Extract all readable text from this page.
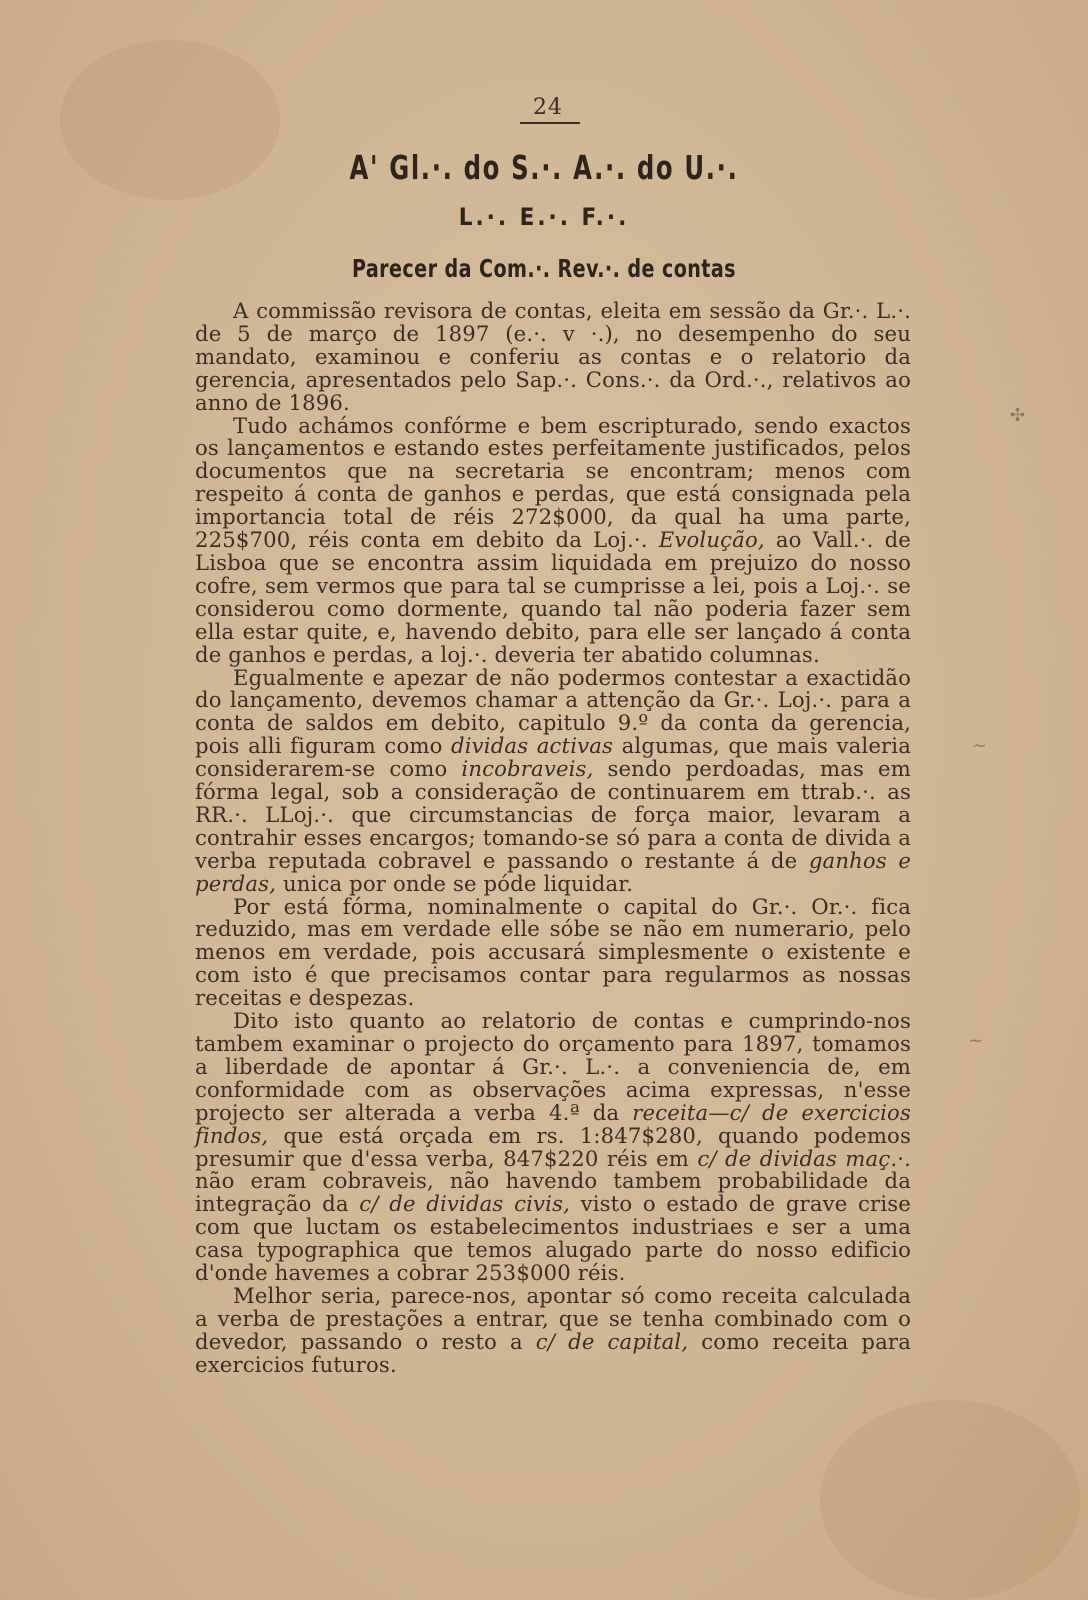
24
A' Gl.·. do S.·. A.·. do U.·.
L.·. E.·. F.·.
Parecer da Com.·. Rev.·. de contas

A commissão revisora de contas, eleita em sessão da Gr.·. L.·. de 5 de março de 1897 (e.·. v ·.), no desempenho do seu mandato, examinou e conferiu as contas e o relatorio da gerencia, apresentados pelo Sap.·. Cons.·. da Ord.·., relativos ao anno de 1896.

Tudo achámos confórme e bem escripturado, sendo exactos os lançamentos e estando estes perfeitamente justificados, pelos documentos que na secretaria se encontram; menos com respeito á conta de ganhos e perdas, que está consignada pela importancia total de réis 272$000, da qual ha uma parte, 225$700, réis conta em debito da Loj.·. Evolução, ao Vall.·. de Lisboa que se encontra assim liquidada em prejuizo do nosso cofre, sem vermos que para tal se cumprisse a lei, pois a Loj.·. se considerou como dormente, quando tal não poderia fazer sem ella estar quite, e, havendo debito, para elle ser lançado á conta de ganhos e perdas, a loj.·. deveria ter abatido columnas.

Egualmente e apezar de não podermos contestar a exactidão do lançamento, devemos chamar a attenção da Gr.·. Loj.·. para a conta de saldos em debito, capitulo 9.º da conta da gerencia, pois alli figuram como dividas activas algumas, que mais valeria considerarem-se como incobraveis, sendo perdoadas, mas em fórma legal, sob a consideração de continuarem em ttrab.·. as RR.·. LLoj.·. que circumstancias de força maior, levaram a contrahir esses encargos; tomando-se só para a conta de divida a verba reputada cobravel e passando o restante á de ganhos e perdas, unica por onde se póde liquidar.

Por está fórma, nominalmente o capital do Gr.·. Or.·. fica reduzido, mas em verdade elle sóbe se não em numerario, pelo menos em verdade, pois accusará simplesmente o existente e com isto é que precisamos contar para regularmos as nossas receitas e despezas.

Dito isto quanto ao relatorio de contas e cumprindo-nos tambem examinar o projecto do orçamento para 1897, tomamos a liberdade de apontar á Gr.·. L.·. a conveniencia de, em conformidade com as observações acima expressas, n'esse projecto ser alterada a verba 4.ª da receita—c/ de exercicios findos, que está orçada em rs. 1:847$280, quando podemos presumir que d'essa verba, 847$220 réis em c/ de dividas maç.·. não eram cobraveis, não havendo tambem probabilidade da integração da c/ de dividas civis, visto o estado de grave crise com que luctam os estabelecimentos industriaes e ser a uma casa typographica que temos alugado parte do nosso edificio d'onde havemes a cobrar 253$000 réis.

Melhor seria, parece-nos, apontar só como receita calculada a verba de prestações a entrar, que se tenha combinado com o devedor, passando o resto a c/ de capital, como receita para exercicios futuros.

✣
~
~
